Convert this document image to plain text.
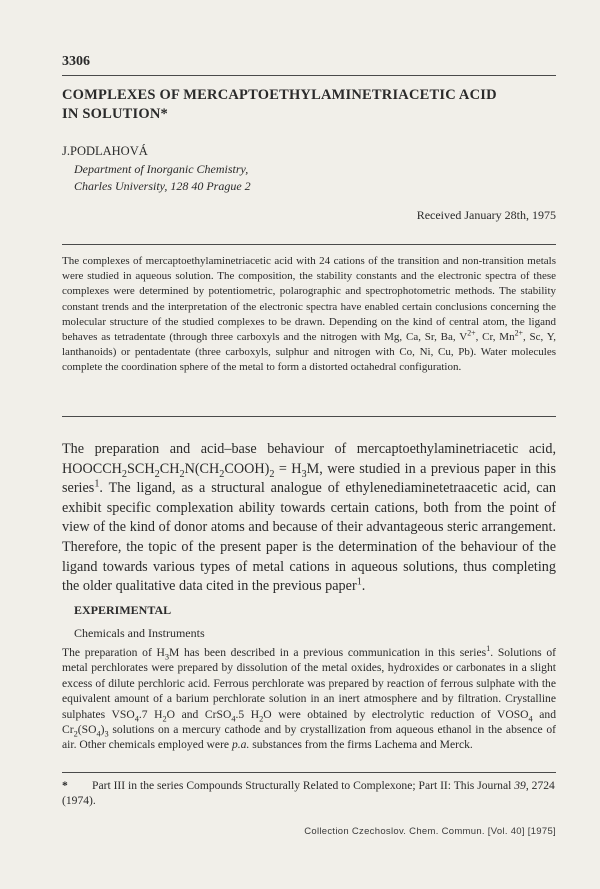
3306
COMPLEXES OF MERCAPTOETHYLAMINETRIACETIC ACID
IN SOLUTION*
J.PODLAHOVÁ
Department of Inorganic Chemistry,
Charles University, 128 40 Prague 2
Received January 28th, 1975
The complexes of mercaptoethylaminetriacetic acid with 24 cations of the transition and non-transition metals were studied in aqueous solution. The composition, the stability constants and the electronic spectra of these complexes were determined by potentiometric, polarographic and spectrophotometric methods. The stability constant trends and the interpretation of the electronic spectra have enabled certain conclusions concerning the molecular structure of the studied complexes to be drawn. Depending on the kind of central atom, the ligand behaves as tetradentate (through three carboxyls and the nitrogen with Mg, Ca, Sr, Ba, $V^{2+}$, Cr, $Mn^{2+}$, Sc, Y, lanthanoids) or pentadentate (three carboxyls, sulphur and nitrogen with Co, Ni, Cu, Pb). Water molecules complete the coordination sphere of the metal to form a distorted octahedral configuration.
The preparation and acid–base behaviour of mercaptoethylaminetriacetic acid, $HOOCCH_2SCH_2CH_2N(CH_2COOH)_2 = H_3M$, were studied in a previous paper in this series$^1$. The ligand, as a structural analogue of ethylenediaminetetraacetic acid, can exhibit specific complexation ability towards certain cations, both from the point of view of the kind of donor atoms and because of their advantageous steric arrangement. Therefore, the topic of the present paper is the determination of the behaviour of the ligand towards various types of metal cations in aqueous solutions, thus completing the older qualitative data cited in the previous paper$^1$.
EXPERIMENTAL
Chemicals and Instruments
The preparation of $H_3M$ has been described in a previous communication in this series$^1$. Solutions of metal perchlorates were prepared by dissolution of the metal oxides, hydroxides or carbonates in a slight excess of dilute perchloric acid. Ferrous perchlorate was prepared by reaction of ferrous sulphate with the equivalent amount of a barium perchlorate solution in an inert atmosphere and by filtration. Crystalline sulphates $VSO_4.7$ $H_2O$ and CrSO$_4$.5 $H_2O$ were obtained by electrolytic reduction of $VOSO_4$ and $Cr_2(SO_4)_3$ solutions on a mercury cathode and by crystallization from aqueous ethanol in the absence of air. Other chemicals employed were p.a. substances from the firms Lachema and Merck.
* Part III in the series Compounds Structurally Related to Complexone; Part II: This Journal 39, 2724 (1974).
Collection Czechoslov. Chem. Commun. [Vol. 40] [1975]
